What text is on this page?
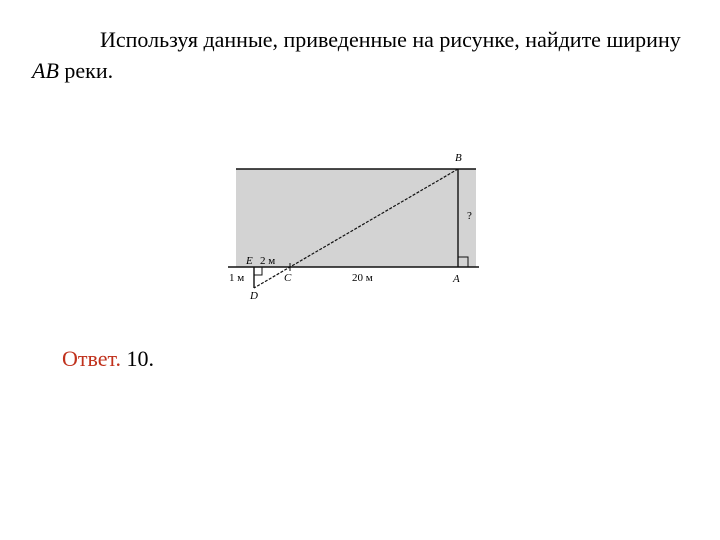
Используя данные, приведенные на рисунке, найдите ширину AB реки.
B
E
C
D
A
2 м
1 м	20 м
?
Ответ. 10.
